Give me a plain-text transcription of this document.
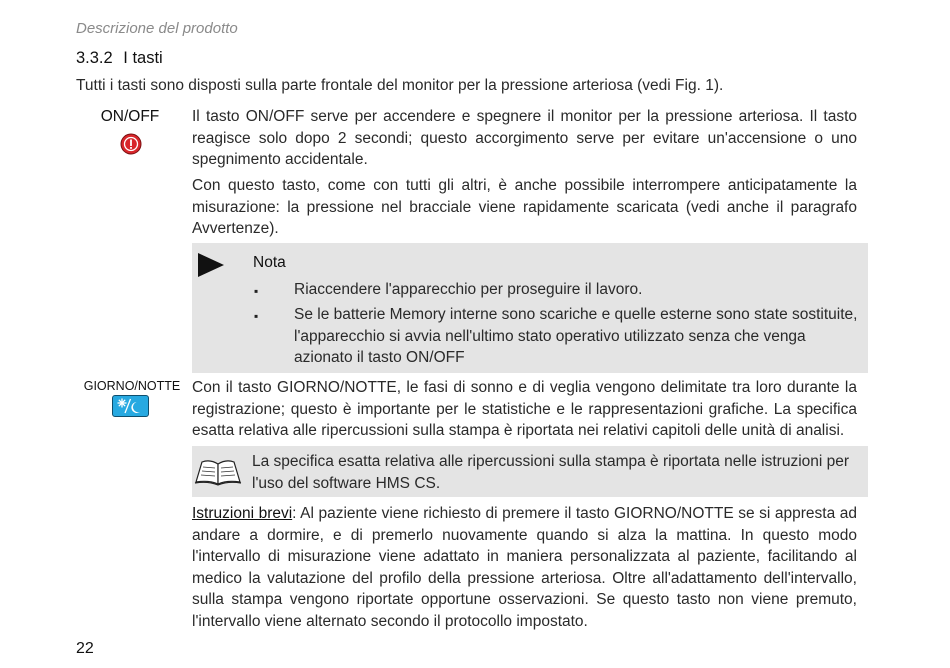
Descrizione del prodotto
3.3.2 I tasti
Tutti i tasti sono disposti sulla parte frontale del monitor per la pressione arteriosa (vedi Fig. 1).
ON/OFF	Il tasto ON/OFF serve per accendere e spegnere il monitor per la pressione arteriosa. Il tasto reagisce solo dopo 2 secondi; questo accorgimento serve per evitare un'accensione o uno spegnimento accidentale.
Con questo tasto, come con tutti gli altri, è anche possibile interrompere anticipatamente la misurazione: la pressione nel bracciale viene rapidamente scaricata (vedi anche il paragrafo Avvertenze).
Nota
▪ Riaccendere l'apparecchio per proseguire il lavoro.
▪ Se le batterie Memory interne sono scariche e quelle esterne sono state sostituite, l'apparecchio si avvia nell'ultimo stato operativo utilizzato senza che venga azionato il tasto ON/OFF
GIORNO/NOTTE Con il tasto GIORNO/NOTTE, le fasi di sonno e di veglia vengono delimitate tra loro durante la registrazione; questo è importante per le statistiche e le rappresentazioni grafiche. La specifica esatta relativa alle ripercussioni sulla stampa è riportata nei relativi capitoli delle unità di analisi.
La specifica esatta relativa alle ripercussioni sulla stampa è riportata nelle istruzioni per l'uso del software HMS CS.
Istruzioni brevi: Al paziente viene richiesto di premere il tasto GIORNO/NOTTE se si appresta ad andare a dormire, e di premerlo nuovamente quando si alza la mattina. In questo modo l'intervallo di misurazione viene adattato in maniera personalizzata al paziente, facilitando al medico la valutazione del profilo della pressione arteriosa. Oltre all'adattamento dell'intervallo, sulla stampa vengono riportate opportune osservazioni. Se questo tasto non viene premuto, l'intervallo viene alternato secondo il protocollo impostato.
22
